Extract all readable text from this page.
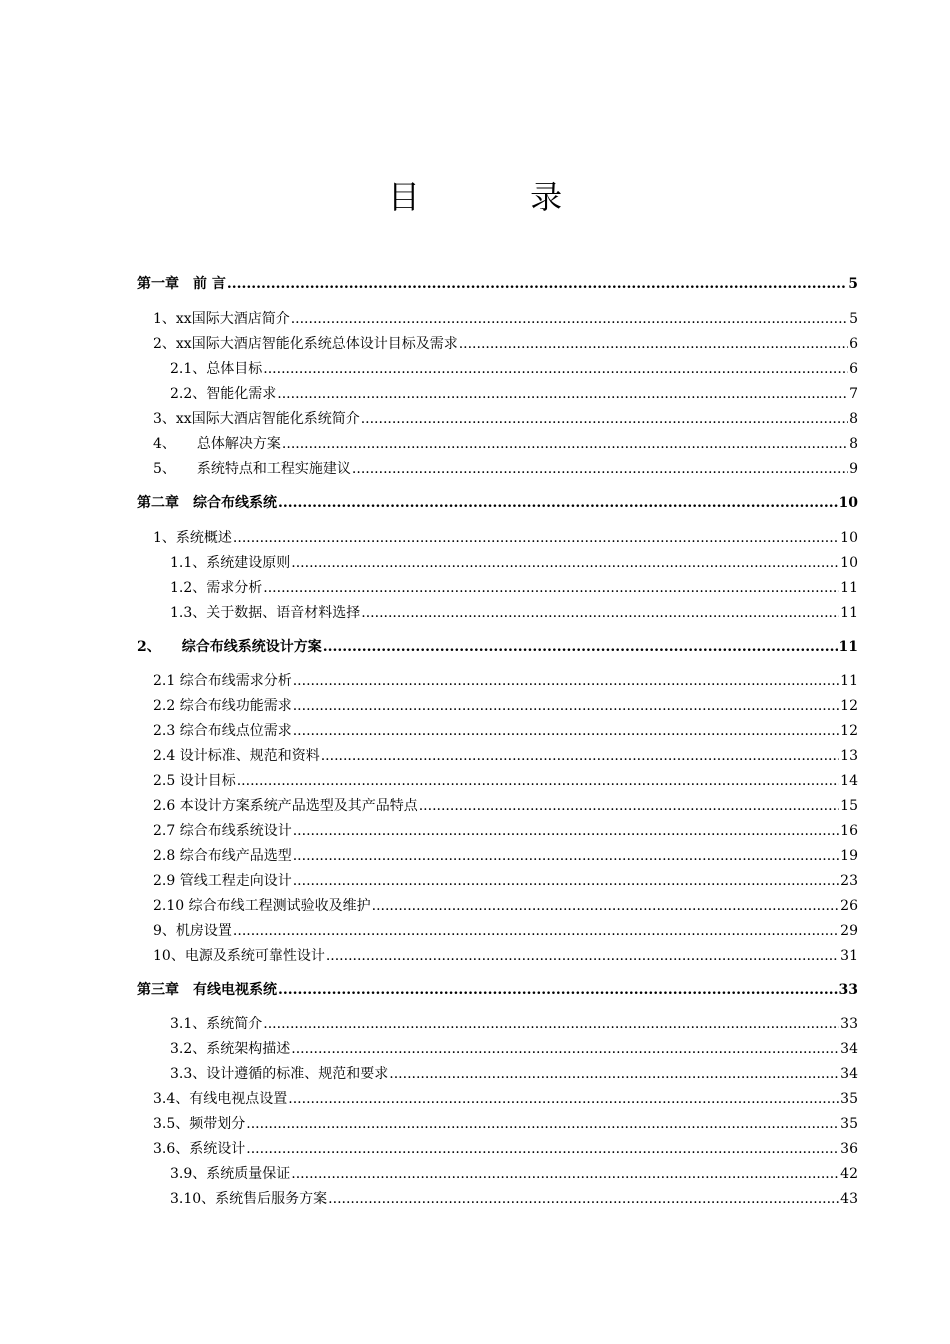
目 录
第一章　前 言 .....	5
1、xx国际大酒店简介 .....	5
2、xx国际大酒店智能化系统总体设计目标及需求 .....	6
2.1、总体目标 .....	6
2.2、智能化需求 .....	7
3、xx国际大酒店智能化系统简介 .....	8
4、　　总体解决方案 .....	8
5、　　系统特点和工程实施建议 .....	9
第二章　综合布线系统 .....	10
1、系统概述 .....	10
1.1、系统建设原则 .....	10
1.2、需求分析 .....	11
1.3、关于数据、语音材料选择 .....	11
2、　　综合布线系统设计方案 .....	11
2.1 综合布线需求分析 .....	11
2.2 综合布线功能需求 .....	12
2.3 综合布线点位需求 .....	12
2.4 设计标准、规范和资料 .....	13
2.5 设计目标 .....	14
2.6 本设计方案系统产品选型及其产品特点 .....	15
2.7 综合布线系统设计 .....	16
2.8 综合布线产品选型 .....	19
2.9 管线工程走向设计 .....	23
2.10 综合布线工程测试验收及维护 .....	26
9、机房设置 .....	29
10、电源及系统可靠性设计 .....	31
第三章　有线电视系统 .....	33
3.1、系统简介 .....	33
3.2、系统架构描述 .....	34
3.3、设计遵循的标准、规范和要求 .....	34
3.4、有线电视点设置 .....	35
3.5、频带划分 .....	35
3.6、系统设计 .....	36
3.9、系统质量保证 .....	42
3.10、系统售后服务方案 .....	43
